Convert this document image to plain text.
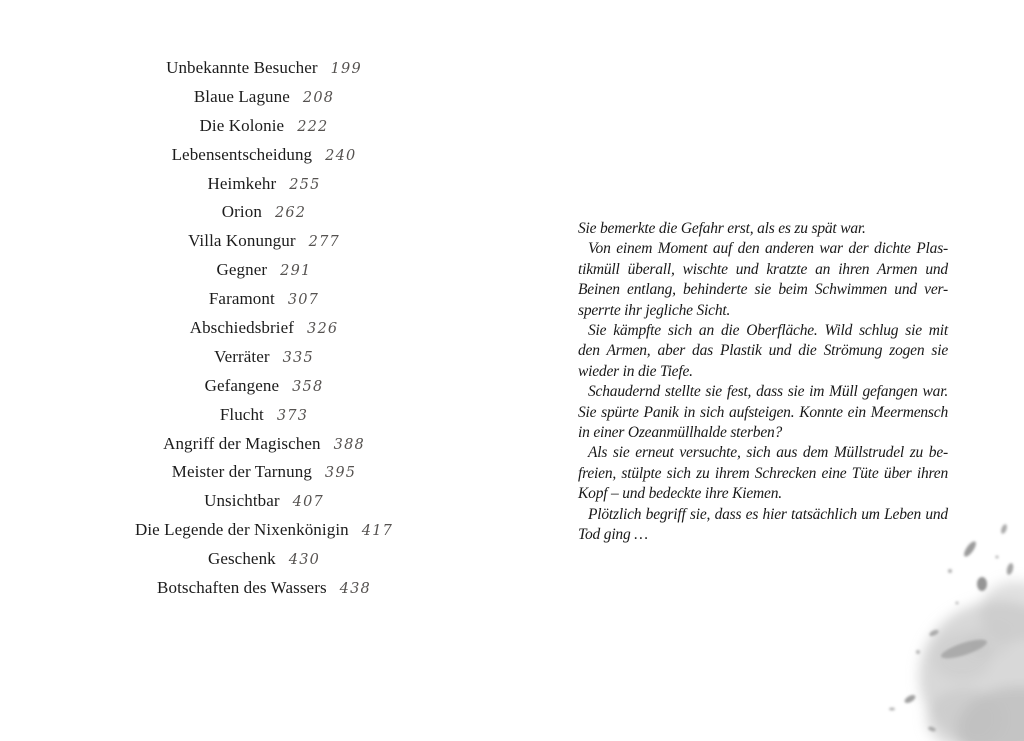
Unbekannte Besucher 199
Blaue Lagune 208
Die Kolonie 222
Lebensentscheidung 240
Heimkehr 255
Orion 262
Villa Konungur 277
Gegner 291
Faramont 307
Abschiedsbrief 326
Verräter 335
Gefangene 358
Flucht 373
Angriff der Magischen 388
Meister der Tarnung 395
Unsichtbar 407
Die Legende der Nixenkönigin 417
Geschenk 430
Botschaften des Wassers 438
Sie bemerkte die Gefahr erst, als es zu spät war.
Von einem Moment auf den anderen war der dichte Plas-
tikmüll überall, wischte und kratzte an ihren Armen und
Beinen entlang, behinderte sie beim Schwimmen und ver-
sperrte ihr jegliche Sicht.
Sie kämpfte sich an die Oberfläche. Wild schlug sie mit
den Armen, aber das Plastik und die Strömung zogen sie
wieder in die Tiefe.
Schaudernd stellte sie fest, dass sie im Müll gefangen war.
Sie spürte Panik in sich aufsteigen. Konnte ein Meermensch
in einer Ozeanmüllhalde sterben?
Als sie erneut versuchte, sich aus dem Müllstrudel zu be-
freien, stülpte sich zu ihrem Schrecken eine Tüte über ihren
Kopf – und bedeckte ihre Kiemen.
Plötzlich begriff sie, dass es hier tatsächlich um Leben und
Tod ging …
